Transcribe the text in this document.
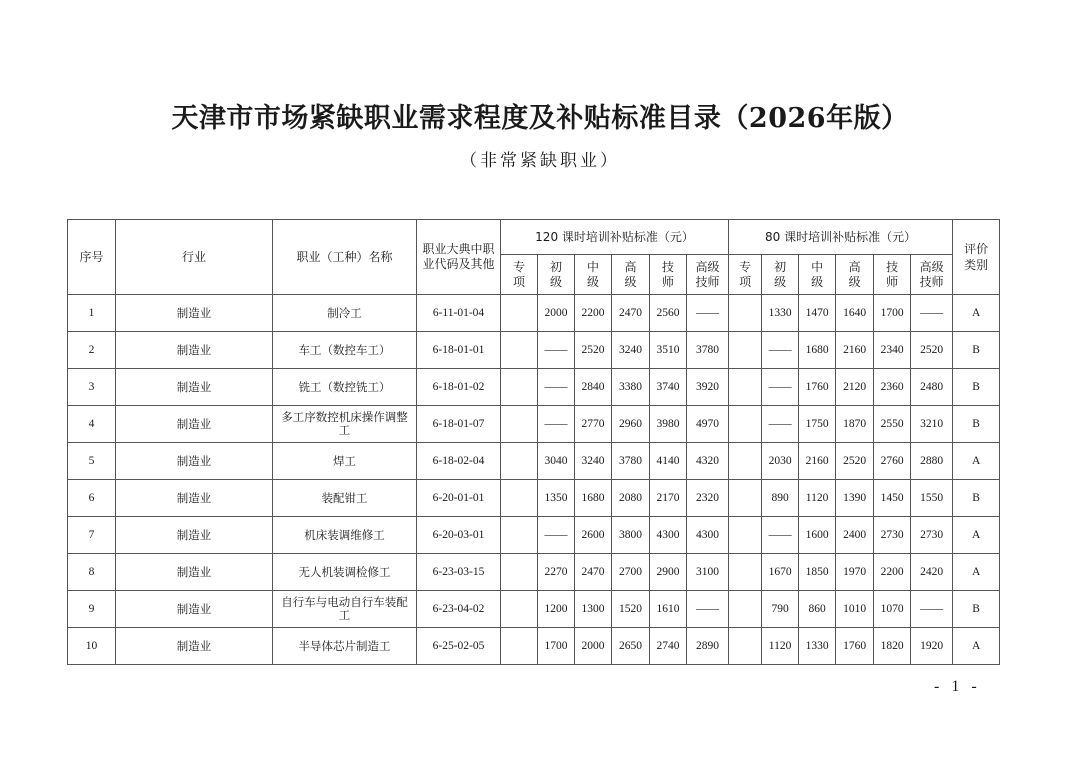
天津市市场紧缺职业需求程度及补贴标准目录（2026年版）
（非常紧缺职业）
序号	行业	职业（工种）名称	职业大典中职业代码及其他	120 课时培训补贴标准（元）						80 课时培训补贴标准（元）						评价类别
				专项	初级	中级	高级	技师	高级技师	专项	初级	中级	高级	技师	高级技师	
1	制造业	制冷工	6-11-01-04		2000	2200	2470	2560	——		1330	1470	1640	1700	——	A
2	制造业	车工（数控车工）	6-18-01-01		——	2520	3240	3510	3780		——	1680	2160	2340	2520	B
3	制造业	铣工（数控铣工）	6-18-01-02		——	2840	3380	3740	3920		——	1760	2120	2360	2480	B
4	制造业	多工序数控机床操作调整工	6-18-01-07		——	2770	2960	3980	4970		——	1750	1870	2550	3210	B
5	制造业	焊工	6-18-02-04		3040	3240	3780	4140	4320		2030	2160	2520	2760	2880	A
6	制造业	装配钳工	6-20-01-01		1350	1680	2080	2170	2320		890	1120	1390	1450	1550	B
7	制造业	机床装调维修工	6-20-03-01		——	2600	3800	4300	4300		——	1600	2400	2730	2730	A
8	制造业	无人机装调检修工	6-23-03-15		2270	2470	2700	2900	3100		1670	1850	1970	2200	2420	A
9	制造业	自行车与电动自行车装配工	6-23-04-02		1200	1300	1520	1610	——		790	860	1010	1070	——	B
10	制造业	半导体芯片制造工	6-25-02-05		1700	2000	2650	2740	2890		1120	1330	1760	1820	1920	A
- 1 -
